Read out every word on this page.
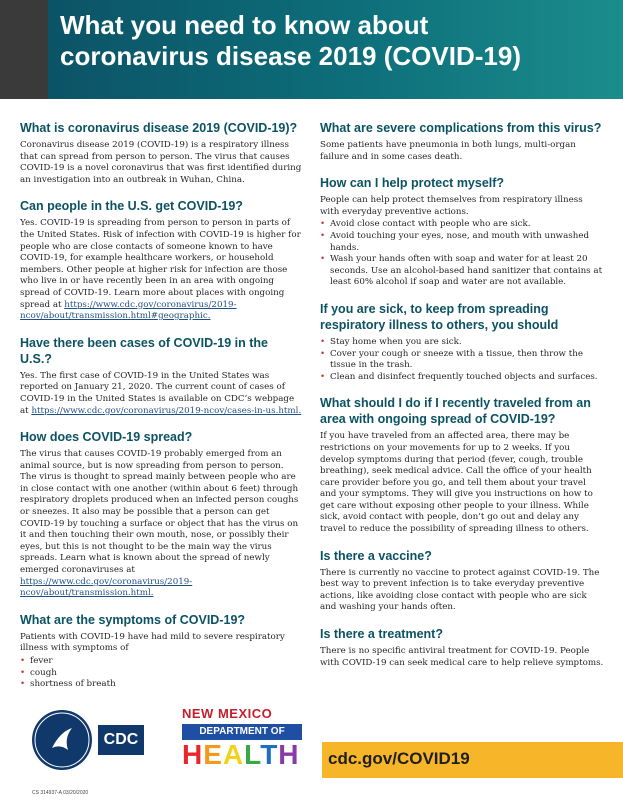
What you need to know about
coronavirus disease 2019 (COVID-19)
What is coronavirus disease 2019 (COVID-19)?

Coronavirus disease 2019 (COVID-19) is a respiratory illness that can spread from person to person. The virus that causes COVID-19 is a novel coronavirus that was first identified during an investigation into an outbreak in Wuhan, China.

Can people in the U.S. get COVID-19?

Yes. COVID-19 is spreading from person to person in parts of the United States. Risk of infection with COVID-19 is higher for people who are close contacts of someone known to have COVID-19, for example healthcare workers, or household members. Other people at higher risk for infection are those who live in or have recently been in an area with ongoing spread of COVID-19. Learn more about places with ongoing spread at https://www.cdc.gov/coronavirus/2019-ncov/about/transmission.html#geographic.

Have there been cases of COVID-19 in the U.S.?

Yes. The first case of COVID-19 in the United States was reported on January 21, 2020. The current count of cases of COVID-19 in the United States is available on CDC’s webpage at https://www.cdc.gov/coronavirus/2019-ncov/cases-in-us.html.

How does COVID-19 spread?

The virus that causes COVID-19 probably emerged from an animal source, but is now spreading from person to person. The virus is thought to spread mainly between people who are in close contact with one another (within about 6 feet) through respiratory droplets produced when an infected person coughs or sneezes. It also may be possible that a person can get COVID-19 by touching a surface or object that has the virus on it and then touching their own mouth, nose, or possibly their eyes, but this is not thought to be the main way the virus spreads. Learn what is known about the spread of newly emerged coronaviruses at https://www.cdc.gov/coronavirus/2019-ncov/about/transmission.html.

What are the symptoms of COVID-19?

Patients with COVID-19 have had mild to severe respiratory illness with symptoms of

• fever
• cough
• shortness of breath
What are severe complications from this virus?

Some patients have pneumonia in both lungs, multi-organ failure and in some cases death.

How can I help protect myself?

People can help protect themselves from respiratory illness with everyday preventive actions.

• Avoid close contact with people who are sick.
• Avoid touching your eyes, nose, and mouth with unwashed hands.
• Wash your hands often with soap and water for at least 20 seconds. Use an alcohol-based hand sanitizer that contains at least 60% alcohol if soap and water are not available.
If you are sick, to keep from spreading respiratory illness to others, you should
• Stay home when you are sick.
• Cover your cough or sneeze with a tissue, then throw the tissue in the trash.
• Clean and disinfect frequently touched objects and surfaces.
What should I do if I recently traveled from an area with ongoing spread of COVID-19?

If you have traveled from an affected area, there may be restrictions on your movements for up to 2 weeks. If you develop symptoms during that period (fever, cough, trouble breathing), seek medical advice. Call the office of your health care provider before you go, and tell them about your travel and your symptoms. They will give you instructions on how to get care without exposing other people to your illness. While sick, avoid contact with people, don’t go out and delay any travel to reduce the possibility of spreading illness to others.

Is there a vaccine?

There is currently no vaccine to protect against COVID-19. The best way to prevent infection is to take everyday preventive actions, like avoiding close contact with people who are sick and washing your hands often.

Is there a treatment?

There is no specific antiviral treatment for COVID-19. People with COVID-19 can seek medical care to help relieve symptoms.

CDC
NEW MEXICO
DEPARTMENT OF
HEALTH
CS 314937-A 03/20/2020
cdc.gov/COVID19
